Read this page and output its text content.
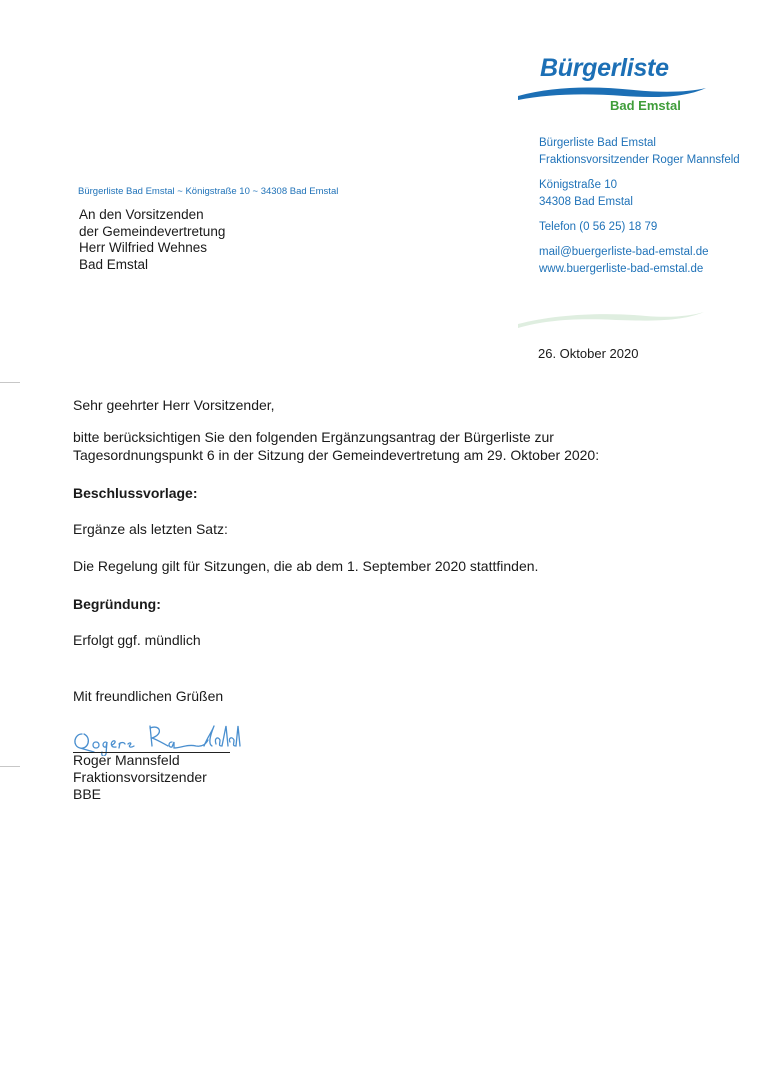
Bürgerliste
Bad Emstal
Bürgerliste Bad Emstal
Fraktionsvorsitzender Roger Mannsfeld
Königstraße 10
34308 Bad Emstal
Telefon (0 56 25) 18 79
mail@buergerliste-bad-emstal.de
www.buergerliste-bad-emstal.de
Bürgerliste Bad Emstal ~ Königstraße 10 ~ 34308 Bad Emstal
An den Vorsitzenden
der Gemeindevertretung
Herr Wilfried Wehnes
Bad Emstal
26. Oktober 2020
Sehr geehrter Herr Vorsitzender,
bitte berücksichtigen Sie den folgenden Ergänzungsantrag der Bürgerliste zur
Tagesordnungspunkt 6 in der Sitzung der Gemeindevertretung am 29. Oktober 2020:
Beschlussvorlage:
Ergänze als letzten Satz:
Die Regelung gilt für Sitzungen, die ab dem 1. September 2020 stattfinden.
Begründung:
Erfolgt ggf. mündlich
Mit freundlichen Grüßen
Roger Mannsfeld
Fraktionsvorsitzender
BBE
